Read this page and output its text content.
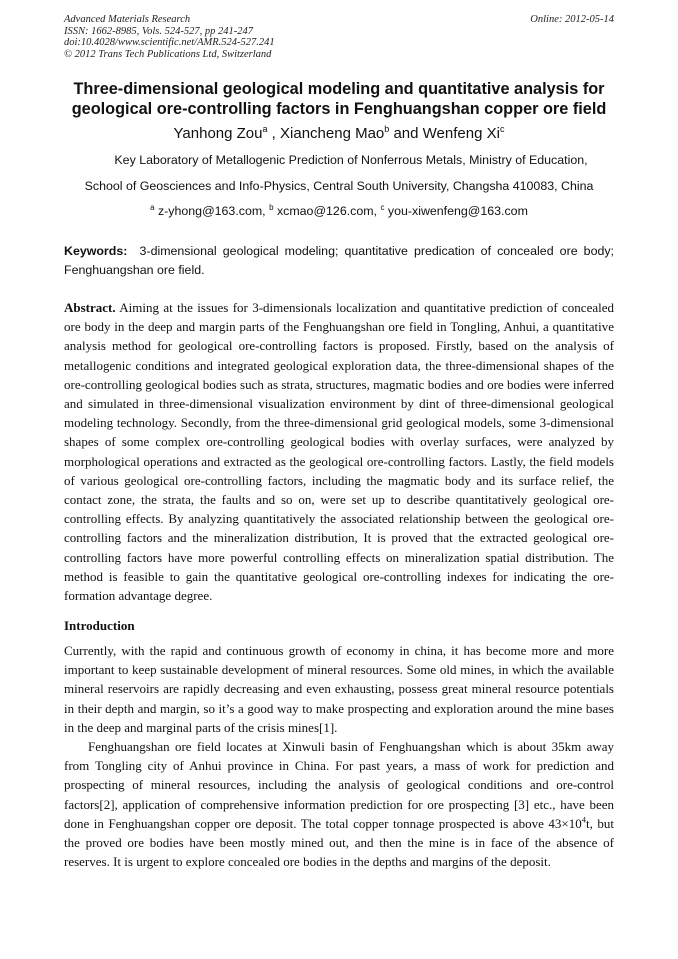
Advanced Materials Research
ISSN: 1662-8985, Vols. 524-527, pp 241-247
doi:10.4028/www.scientific.net/AMR.524-527.241
© 2012 Trans Tech Publications Ltd, Switzerland
Online: 2012-05-14
Three-dimensional geological modeling and quantitative analysis for geological ore-controlling factors in Fenghuangshan copper ore field
Yanhong Zou$^a$ , Xiancheng Mao$^b$ and Wenfeng Xi$^c$
Key Laboratory of Metallogenic Prediction of Nonferrous Metals, Ministry of Education,
School of Geosciences and Info-Physics, Central South University, Changsha 410083, China
$^a$ z-yhong@163.com, $^b$ xcmao@126.com, $^c$ you-xiwenfeng@163.com
Keywords:  3-dimensional geological modeling; quantitative predication of concealed ore body; Fenghuangshan ore field.

Abstract. Aiming at the issues for 3-dimensionals localization and quantitative prediction of concealed ore body in the deep and margin parts of the Fenghuangshan ore field in Tongling, Anhui, a quantitative analysis method for geological ore-controlling factors is proposed. Firstly, based on the analysis of metallogenic conditions and integrated geological exploration data, the three-dimensional shapes of the ore-controlling geological bodies such as strata, structures, magmatic bodies and ore bodies were inferred and simulated in three-dimensional visualization environment by dint of three-dimensional geological modeling technology. Secondly, from the three-dimensional grid geological models, some 3-dimensional shapes of some complex ore-controlling geological bodies with overlay surfaces, were analyzed by morphological operations and extracted as the geological ore-controlling factors. Lastly, the field models of various geological ore-controlling factors, including the magmatic body and its surface relief, the contact zone, the strata, the faults and so on, were set up to describe quantitatively geological ore-controlling effects. By analyzing quantitatively the associated relationship between the geological ore-controlling factors and the mineralization distribution, It is proved that the extracted geological ore-controlling factors have more powerful controlling effects on mineralization spatial distribution. The method is feasible to gain the quantitative geological ore-controlling indexes for indicating the ore-formation advantage degree.

Introduction

Currently, with the rapid and continuous growth of economy in china, it has become more and more important to keep sustainable development of mineral resources. Some old mines, in which the available mineral reservoirs are rapidly decreasing and even exhausting, possess great mineral resource potentials in their depth and margin, so it’s a good way to make prospecting and exploration around the mine bases in the deep and marginal parts of the crisis mines[1].

Fenghuangshan ore field locates at Xinwuli basin of Fenghuangshan which is about 35km away from Tongling city of Anhui province in China. For past years, a mass of work for prediction and prospecting of mineral resources, including the analysis of geological conditions and ore-control factors[2], application of comprehensive information prediction for ore prospecting [3] etc., have been done in Fenghuangshan copper ore deposit. The total copper tonnage prospected is above $43\times 10^4t$, but the proved ore bodies have been mostly mined out, and then the mine is in face of the absence of reserves. It is urgent to explore concealed ore bodies in the depths and margins of the deposit.
